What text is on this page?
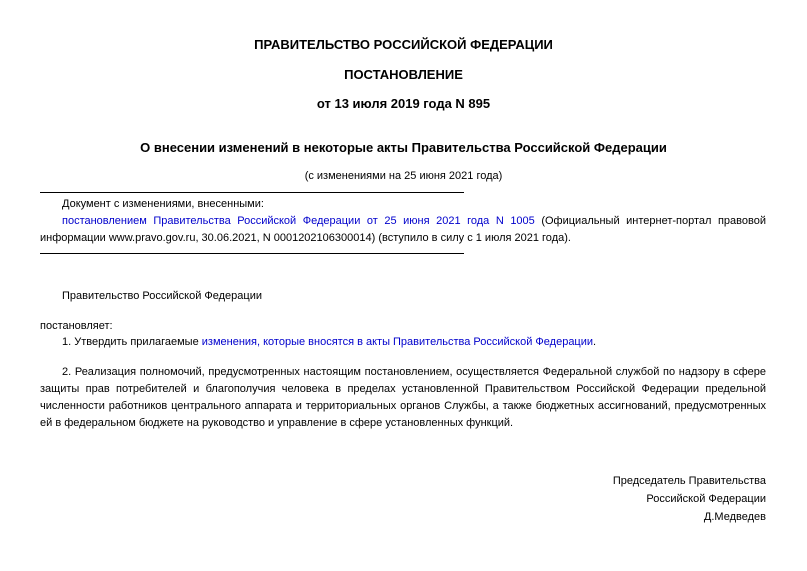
ПРАВИТЕЛЬСТВО РОССИЙСКОЙ ФЕДЕРАЦИИ
ПОСТАНОВЛЕНИЕ
от 13 июля 2019 года N 895
О внесении изменений в некоторые акты Правительства Российской Федерации
(с изменениями на 25 июня 2021 года)
Документ с изменениями, внесенными:
постановлением Правительства Российской Федерации от 25 июня 2021 года N 1005 (Официальный интернет-портал правовой информации www.pravo.gov.ru, 30.06.2021, N 0001202106300014) (вступило в силу с 1 июля 2021 года).
Правительство Российской Федерации
постановляет:
1. Утвердить прилагаемые изменения, которые вносятся в акты Правительства Российской Федерации.
2. Реализация полномочий, предусмотренных настоящим постановлением, осуществляется Федеральной службой по надзору в сфере защиты прав потребителей и благополучия человека в пределах установленной Правительством Российской Федерации предельной численности работников центрального аппарата и территориальных органов Службы, а также бюджетных ассигнований, предусмотренных ей в федеральном бюджете на руководство и управление в сфере установленных функций.
Председатель Правительства
Российской Федерации
Д.Медведев
